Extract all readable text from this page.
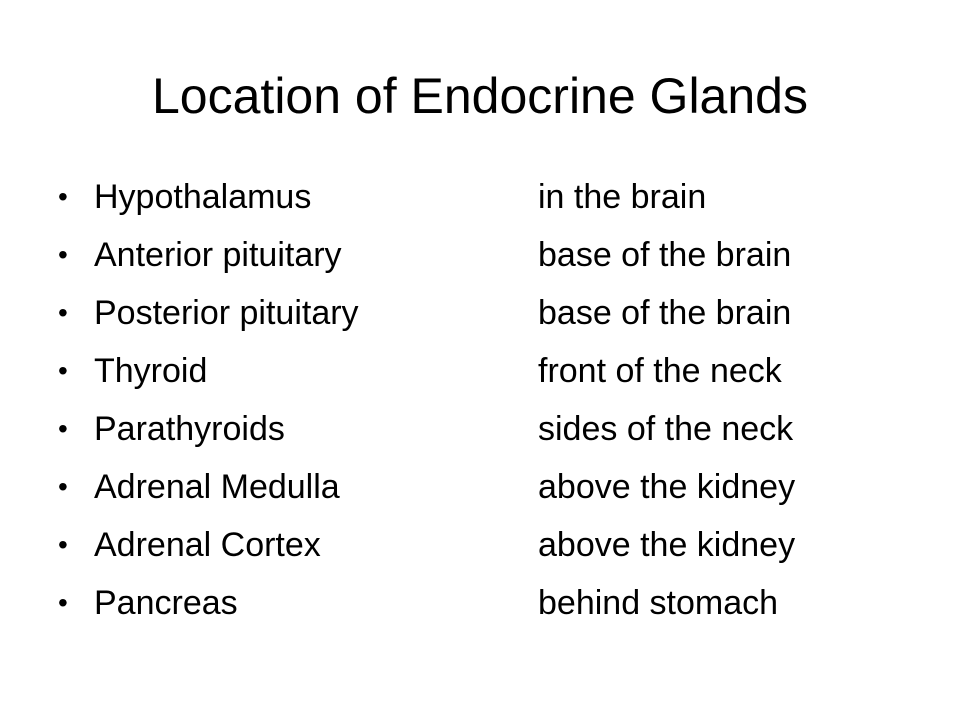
Location of Endocrine Glands
• Hypothalamus	in the brain
• Anterior pituitary	base of the brain
• Posterior pituitary	base of the brain
• Thyroid	front of the neck
• Parathyroids	sides of the neck
• Adrenal Medulla	above the kidney
• Adrenal Cortex	above the kidney
• Pancreas	behind stomach
